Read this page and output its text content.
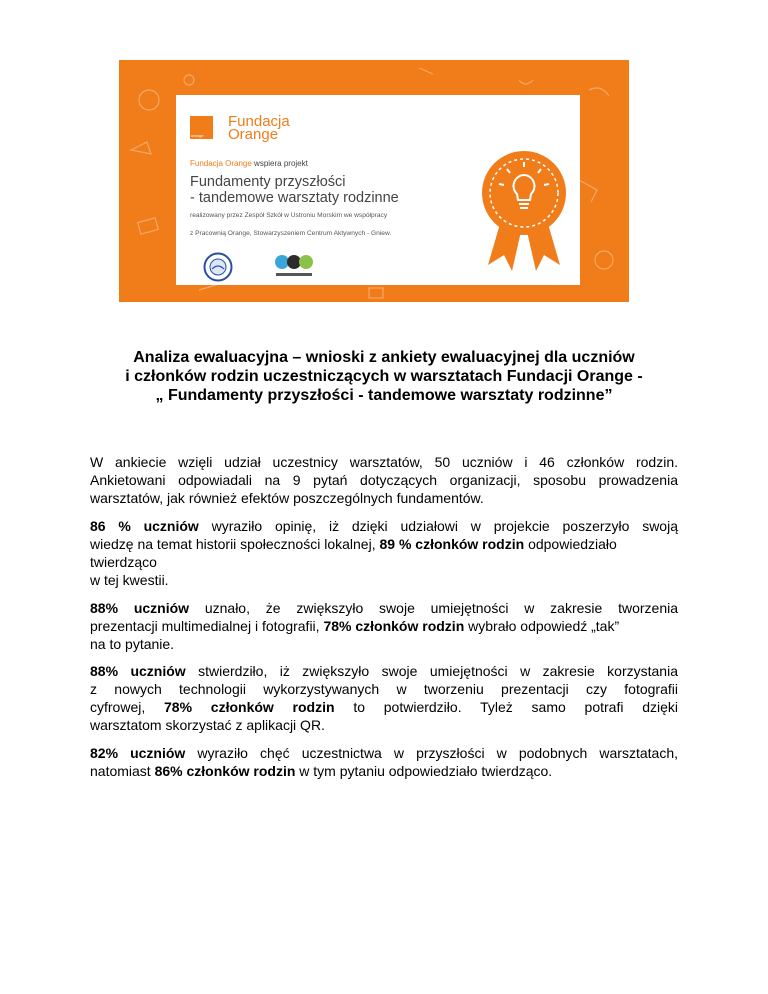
orange
Fundacja
Orange
Fundacja Orange wspiera projekt
Fundamenty przyszłości
- tandemowe warsztaty rodzinne
realizowany przez Zespół Szkół w Ustroniu Morskim we współpracy
z Pracownią Orange, Stowarzyszeniem Centrum Aktywnych - Gniew.
Analiza ewaluacyjna – wnioski z ankiety ewaluacyjnej dla uczniów
i członków rodzin uczestniczących w warsztatach Fundacji Orange -
„ Fundamenty przyszłości - tandemowe warsztaty rodzinne”
W ankiecie wzięli udział uczestnicy warsztatów, 50 uczniów i 46 członków rodzin.
Ankietowani odpowiadali na 9 pytań dotyczących organizacji, sposobu prowadzenia
warsztatów, jak również efektów poszczególnych fundamentów.
86 % uczniów wyraziło opinię, iż dzięki udziałowi w projekcie poszerzyło swoją
wiedzę na temat historii społeczności lokalnej, 89 % członków rodzin odpowiedziało
twierdząco
w tej kwestii.
88% uczniów uznało, że zwiększyło swoje umiejętności w zakresie tworzenia
prezentacji multimedialnej i fotografii, 78% członków rodzin wybrało odpowiedź „tak”
na to pytanie.
88% uczniów stwierdziło, iż zwiększyło swoje umiejętności w zakresie korzystania
z nowych technologii wykorzystywanych w tworzeniu prezentacji czy fotografii
cyfrowej, 78% członków rodzin to potwierdziło. Tyleż samo potrafi dzięki
warsztatom skorzystać z aplikacji QR.
82% uczniów wyraziło chęć uczestnictwa w przyszłości w podobnych warsztatach,
natomiast 86% członków rodzin w tym pytaniu odpowiedziało twierdząco.
